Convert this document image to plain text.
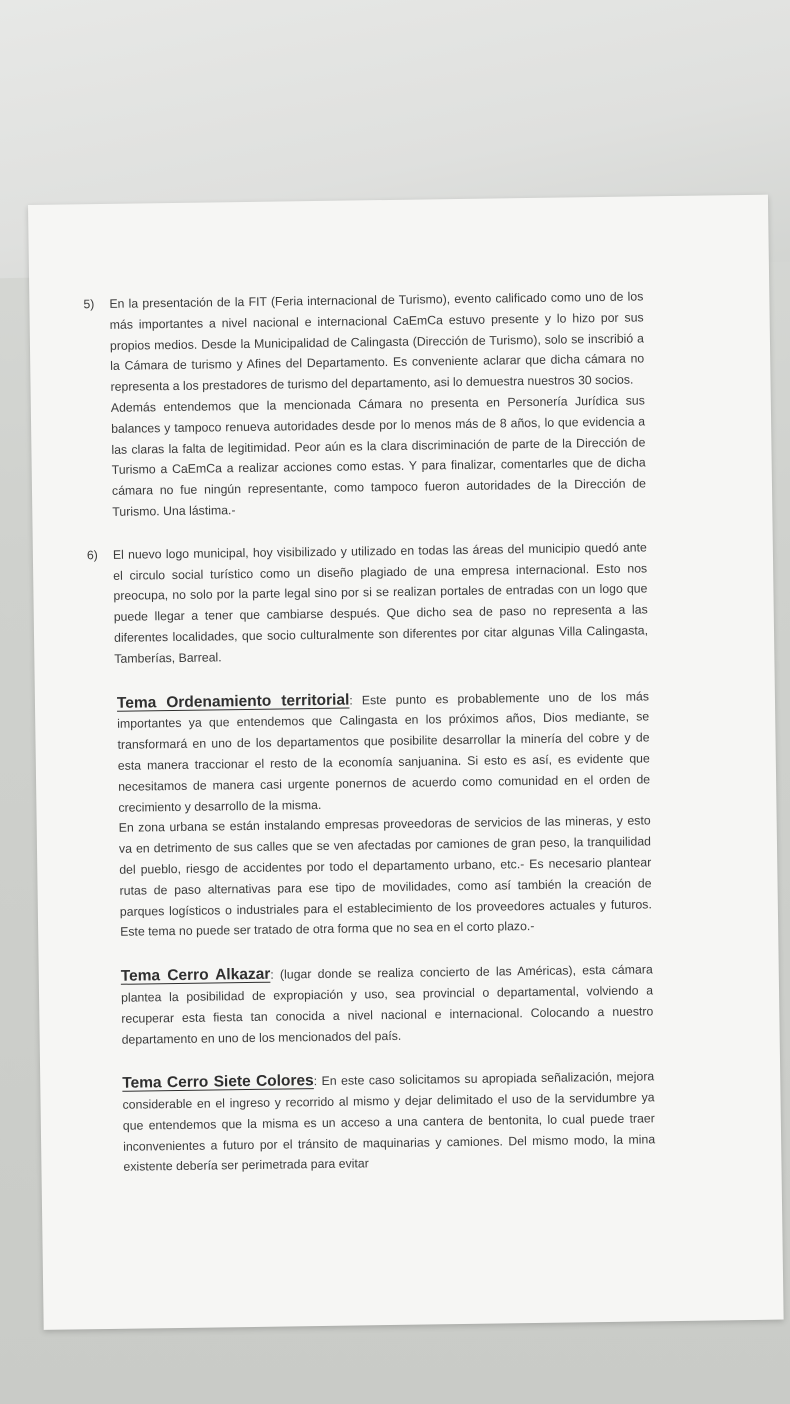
5) En la presentación de la FIT (Feria internacional de Turismo), evento calificado como uno de los más importantes a nivel nacional e internacional CaEmCa estuvo presente y lo hizo por sus propios medios. Desde la Municipalidad de Calingasta (Dirección de Turismo), solo se inscribió a la Cámara de turismo y Afines del Departamento. Es conveniente aclarar que dicha cámara no representa a los prestadores de turismo del departamento, asi lo demuestra nuestros 30 socios.

Además entendemos que la mencionada Cámara no presenta en Personería Jurídica sus balances y tampoco renueva autoridades desde por lo menos más de 8 años, lo que evidencia a las claras la falta de legitimidad. Peor aún es la clara discriminación de parte de la Dirección de Turismo a CaEmCa a realizar acciones como estas. Y para finalizar, comentarles que de dicha cámara no fue ningún representante, como tampoco fueron autoridades de la Dirección de Turismo. Una lástima.-

6) El nuevo logo municipal, hoy visibilizado y utilizado en todas las áreas del municipio quedó ante el circulo social turístico como un diseño plagiado de una empresa internacional. Esto nos preocupa, no solo por la parte legal sino por si se realizan portales de entradas con un logo que puede llegar a tener que cambiarse después. Que dicho sea de paso no representa a las diferentes localidades, que socio culturalmente son diferentes por citar algunas Villa Calingasta, Tamberías, Barreal.

Tema Ordenamiento territorial: Este punto es probablemente uno de los más importantes ya que entendemos que Calingasta en los próximos años, Dios mediante, se transformará en uno de los departamentos que posibilite desarrollar la minería del cobre y de esta manera traccionar el resto de la economía sanjuanina. Si esto es así, es evidente que necesitamos de manera casi urgente ponernos de acuerdo como comunidad en el orden de crecimiento y desarrollo de la misma.

En zona urbana se están instalando empresas proveedoras de servicios de las mineras, y esto va en detrimento de sus calles que se ven afectadas por camiones de gran peso, la tranquilidad del pueblo, riesgo de accidentes por todo el departamento urbano, etc.- Es necesario plantear rutas de paso alternativas para ese tipo de movilidades, como así también la creación de parques logísticos o industriales para el establecimiento de los proveedores actuales y futuros. Este tema no puede ser tratado de otra forma que no sea en el corto plazo.-

Tema Cerro Alkazar: (lugar donde se realiza concierto de las Américas), esta cámara plantea la posibilidad de expropiación y uso, sea provincial o departamental, volviendo a recuperar esta fiesta tan conocida a nivel nacional e internacional. Colocando a nuestro departamento en uno de los mencionados del país.

Tema Cerro Siete Colores: En este caso solicitamos su apropiada señalización, mejora considerable en el ingreso y recorrido al mismo y dejar delimitado el uso de la servidumbre ya que entendemos que la misma es un acceso a una cantera de bentonita, lo cual puede traer inconvenientes a futuro por el tránsito de maquinarias y camiones. Del mismo modo, la mina existente debería ser perimetrada para evitar
